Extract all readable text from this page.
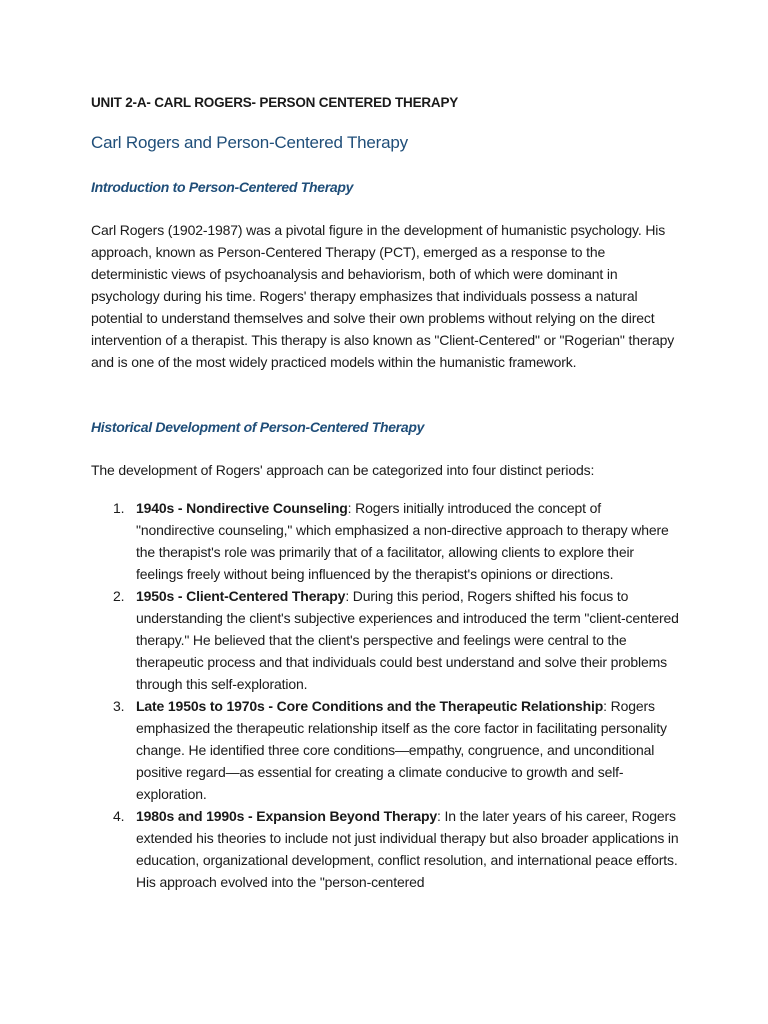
UNIT 2-A- CARL ROGERS- PERSON CENTERED THERAPY
Carl Rogers and Person-Centered Therapy
Introduction to Person-Centered Therapy

Carl Rogers (1902-1987) was a pivotal figure in the development of humanistic psychology. His approach, known as Person-Centered Therapy (PCT), emerged as a response to the deterministic views of psychoanalysis and behaviorism, both of which were dominant in psychology during his time. Rogers' therapy emphasizes that individuals possess a natural potential to understand themselves and solve their own problems without relying on the direct intervention of a therapist. This therapy is also known as "Client-Centered" or "Rogerian" therapy and is one of the most widely practiced models within the humanistic framework.

Historical Development of Person-Centered Therapy

The development of Rogers' approach can be categorized into four distinct periods:

1. 1940s - Nondirective Counseling: Rogers initially introduced the concept of "nondirective counseling," which emphasized a non-directive approach to therapy where the therapist's role was primarily that of a facilitator, allowing clients to explore their feelings freely without being influenced by the therapist's opinions or directions.
2. 1950s - Client-Centered Therapy: During this period, Rogers shifted his focus to understanding the client's subjective experiences and introduced the term "client-centered therapy." He believed that the client's perspective and feelings were central to the therapeutic process and that individuals could best understand and solve their problems through this self-exploration.
3. Late 1950s to 1970s - Core Conditions and the Therapeutic Relationship: Rogers emphasized the therapeutic relationship itself as the core factor in facilitating personality change. He identified three core conditions—empathy, congruence, and unconditional positive regard—as essential for creating a climate conducive to growth and self-exploration.
4. 1980s and 1990s - Expansion Beyond Therapy: In the later years of his career, Rogers extended his theories to include not just individual therapy but also broader applications in education, organizational development, conflict resolution, and international peace efforts. His approach evolved into the "person-centered
